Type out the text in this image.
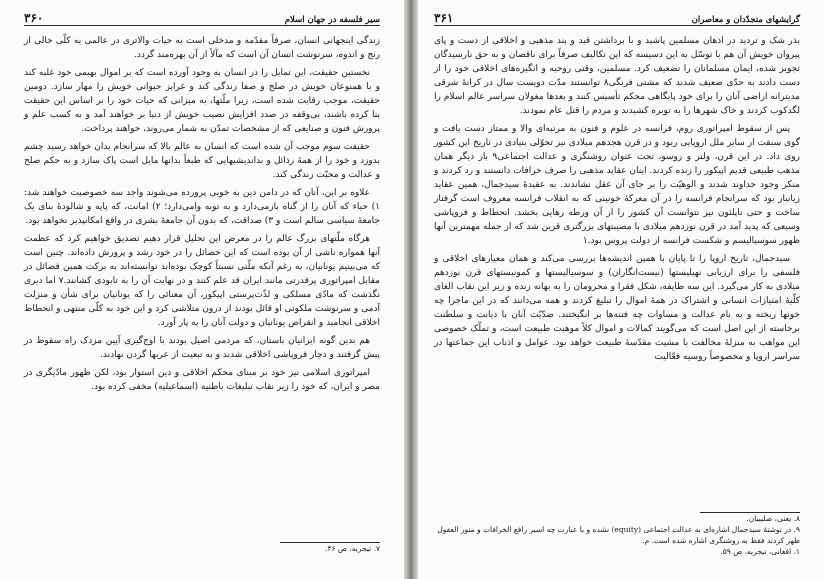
گرایشهای متجدّدان و معاصران
۳۶۱

بذر شک و تردید در اذهان مسلمین پاشید و با برداشتن قید و بند مذهبی و اخلاقی از دست و پای پیروان خویش آن هم با توسّل به این دسیسه که این تکالیف صرفاً برای ناقصان و به حق نارسیدگان تجویز شده، ایمان مسلمانان را تضعیف کرد. مسلمین، وقتی روحیه و انگیزه‌های اخلاقی خود را از دست دادند به حدّی ضعیف شدند که مشتی فرنگی۸ توانستند مدّت دویست سال در کرانهٔ شرقی مدیترانه اراضی آنان را برای خود پایگاهی محکم تأسیس کنند و بعدها مغولان سراسر عالم اسلام را لگدکوب کردند و خاک شهرها را به توبره کشیدند و مردم را قتل عام نمودند.

پس از سقوط امپراتوری روم، فرانسه در علوم و فنون به مرتبه‌ای والا و ممتاز دست یافت و گوی سبقت از سایر ملل اروپایی ربود و در قرن هجدهم میلادی نیز تحوّلی بنیادی در تاریخ این کشور روی داد. در این قرن، ولتر و روسو، تحت عنوان روشنگری و عدالت اجتماعی۹ بار دیگر همان مذهب طبیعی قدیم اپیکور را زنده کردند. اینان عقاید مذهبی را صرف خرافات دانستند و رد کردند و منکر وجود خداوند شدند و الوهیّت را بر جای آن عقل نشاندند. به عقیدهٔ سیدجمال، همین عقاید زیانبار بود که سرانجام فرانسه را در آن معرکهٔ خونینی که به انقلاب فرانسه معروف است گرفتار ساخت و حتی ناپلئون نیز نتوانست آن کشور را از آن ورطه رهایی بخشد. انحطاط و فروپاشی وسیعی که پدید آمد در قرن نوزدهم میلادی با مصیبتهای بزرگتری قرین شد که از جمله مهمترین آنها ظهور سوسیالیسم و شکست فرانسه از دولت پروس بود.۱

سیدجمال، تاریخ اروپا را تا پایان با همین اندیشه‌ها بررسی می‌کند و همان معیارهای اخلاقی و فلسفی را برای ارزیابی نهیلیستها (نیست‌انگاران) و سوسیالیستها و کمونیستهای قرن نوزدهم میلادی به کار می‌گیرد. این سه طایفه، شکل فقرا و محرومان را به بهانه زنده و زیر این نقاب الغای کلّیهٔ امتیازات انسانی و اشتراک در همهٔ اموال را تبلیغ کردند و همه می‌دانند که در این ماجرا چه خونها ریخته و به نام عدالت و مساوات چه فتنه‌ها بر انگیختند. ضدّیّت آنان با دیانت و سلطنت برخاسته از این اصل است که می‌گویند کمالات و اموال کلاً موهبت طبیعت است، و تملّک خصوصی این مواهب به منزلهٔ مخالفت با مشیت مقدّسهٔ طبیعت خواهد بود. عوامل و اذناب این جماعتها در سراسر اروپا و مخصوصاً روسیه فعّالیت

۸. یعنی، صلیبیان.
۹. در نوشتهٔ سیدجمال اشاره‌ای به عدالت اجتماعی (equity) نشده و با عبارت چه اسیر رافع الخرافات و منور العقول ظهر کردند فقط به روشنگری اشاره شده است. م.
۱. افغانی، تیجریه، ص ۵۹.
سیر فلسفه در جهان اسلام
۳۶۰

زندگی اینجهانی انسان، صرفاً مقدّمه و مدخلی است به حیات والاتری در عالمی به کلّی خالی از رنج و اندوه، سرنوشت انسان آن است که مآلاً از آن بهره‌مند گردد.

نخستین حقیقت، این تمایل را در انسان به وجود آورده است که بر اموال بهیمی خود غلبه کند و با همنوعان خویش در صلح و صفا زندگی کند و غرایز حیوانی خویش را مهار سازد. دومین حقیقت، موجب رقابت شده است، زیرا ملّتها، به میزانی که حیات خود را بر اساس این حقیقت بنا کرده باشند، بی‌وقفه در صدد افزایش نصیب خویش از دنیا بر خواهند آمد و به کسب علم و پرورش فنون و صنایعی که از مشخصات تمدّن به شمار می‌روند، خواهند پرداخت.

حقیقت سوم موجب آن شده است که انسان به عالم بالا که سرانجام بدان خواهد رسید چشم بدوزد و خود را از همهٔ رذائل و بداندیشیهایی که طبعاً بدانها مایل است پاک سازد و به حکم صلح و عدالت و محبّت زندگی کند.

علاوه بر این، آنان که در دامن دین به خوبی پرورده می‌شوند واجد سه خصوصیت خواهند شد: ۱) حیاء که آنان را از گناه بازمی‌دارد و به توبه وامی‌دارد؛ ۲) امانت، که پایه و شالودهٔ بنای یک جامعهٔ سیاسی سالم است و ۳) صداقت، که بدون آن جامعهٔ بشری در واقع امکانپذیر نخواهد بود.

هرگاه ملّتهای بزرگ عالم را در معرض این تحلیل قرار دهیم تصدیق خواهیم کرد که عظمت آنها همواره ناشی از آن بوده است که این خصائل را در خود رشد و پرورش داده‌اند. چنین است که می‌بینیم یونانیان، به رغم آنکه ملّتی نسبتاً کوچک بوده‌اند توانسته‌اند به برکت همین فضائل در مقابل امپراتوری پرقدرتی مانند ایران قد علم کنند و در نهایت آن را به تابودی کشانند.۷ اما دیری نگذشت که مادّی مسلکی و لذّت‌پرستی اپیکور، آن معنائی را که یونانیان برای شأن و منزلت آدمی و سرنوشت ملکوتی او قائل بودند از درون متلاشی کرد و این خود به کلّی منتهی و انحطاط اخلاقی انجامید و انقراض یونانیان و دولت آنان را به پار آورد.

هم بدین گونه ایرانیان باستان، که مردمی اصیل بودند با اوج‌گیری آیین مزدک راه سقوط در پیش گرفتند و دچار فروپاشی اخلاقی شدند و به تبعیت از عربها گردن نهادند.

امپراتوری اسلامی نیز خود بر مبنای محکم اخلاقی و دین استوار بود، لکن ظهور مادّیگری در مصر و ایران، که خود را زیر نقاب تبلیغات باطنیه (اسماعیلیه) مخفی کرده بود.

۷. تیجریه، ص ۴۶.
